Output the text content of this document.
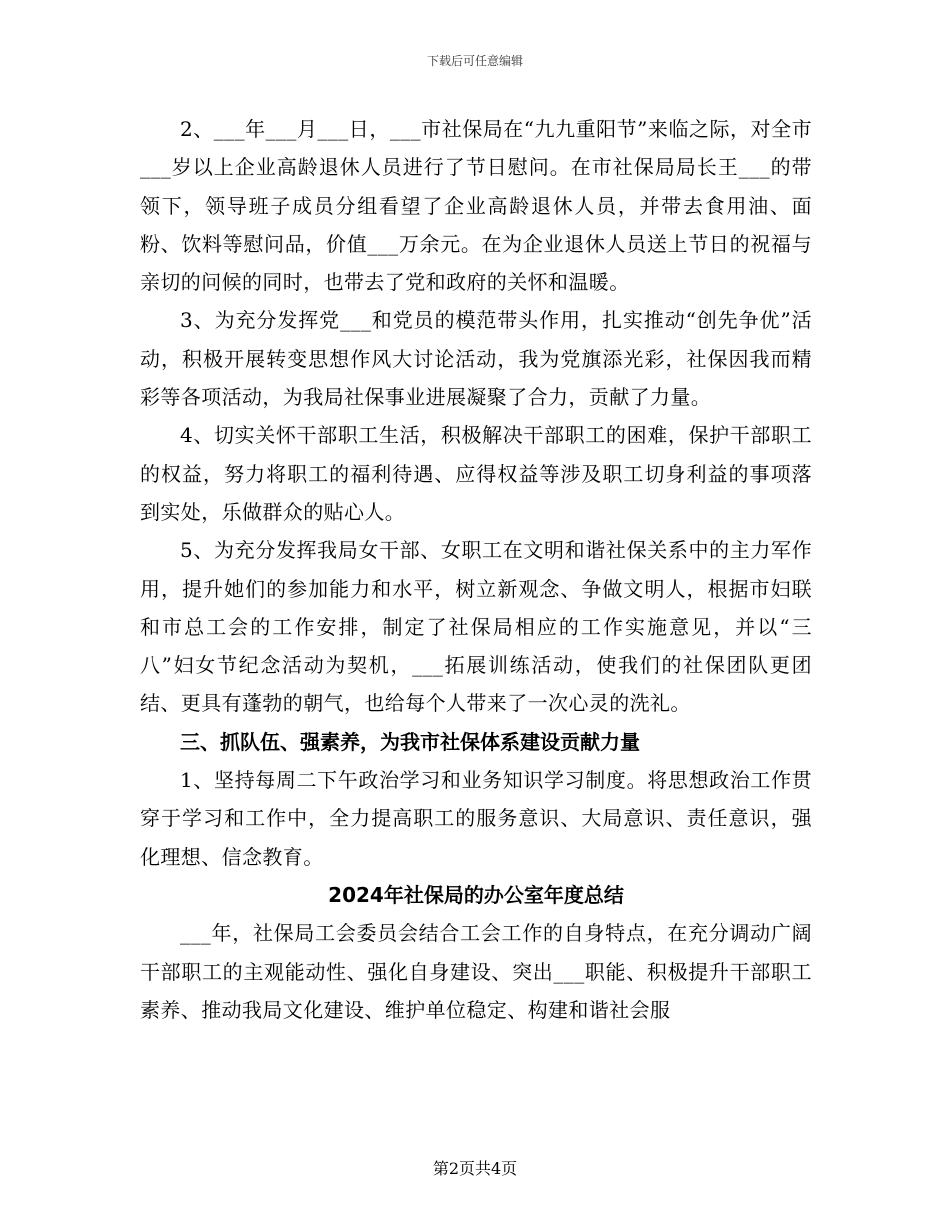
下载后可任意编辑

2、___年___月___日，___市社保局在“九九重阳节”来临之际，对全市___岁以上企业高龄退休人员进行了节日慰问。在市社保局局长王___的带领下，领导班子成员分组看望了企业高龄退休人员，并带去食用油、面粉、饮料等慰问品，价值___万余元。在为企业退休人员送上节日的祝福与亲切的问候的同时，也带去了党和政府的关怀和温暖。

3、为充分发挥党___和党员的模范带头作用，扎实推动“创先争优”活动，积极开展转变思想作风大讨论活动，我为党旗添光彩，社保因我而精彩等各项活动，为我局社保事业进展凝聚了合力，贡献了力量。

4、切实关怀干部职工生活，积极解决干部职工的困难，保护干部职工的权益，努力将职工的福利待遇、应得权益等涉及职工切身利益的事项落到实处，乐做群众的贴心人。

5、为充分发挥我局女干部、女职工在文明和谐社保关系中的主力军作用，提升她们的参加能力和水平，树立新观念、争做文明人，根据市妇联和市总工会的工作安排，制定了社保局相应的工作实施意见，并以“三八”妇女节纪念活动为契机，___拓展训练活动，使我们的社保团队更团结、更具有蓬勃的朝气，也给每个人带来了一次心灵的洗礼。

三、抓队伍、强素养，为我市社保体系建设贡献力量

1、坚持每周二下午政治学习和业务知识学习制度。将思想政治工作贯穿于学习和工作中，全力提高职工的服务意识、大局意识、责任意识，强化理想、信念教育。

2024年社保局的办公室年度总结

___年，社保局工会委员会结合工会工作的自身特点，在充分调动广阔干部职工的主观能动性、强化自身建设、突出___职能、积极提升干部职工素养、推动我局文化建设、维护单位稳定、构建和谐社会服

第2页共4页
